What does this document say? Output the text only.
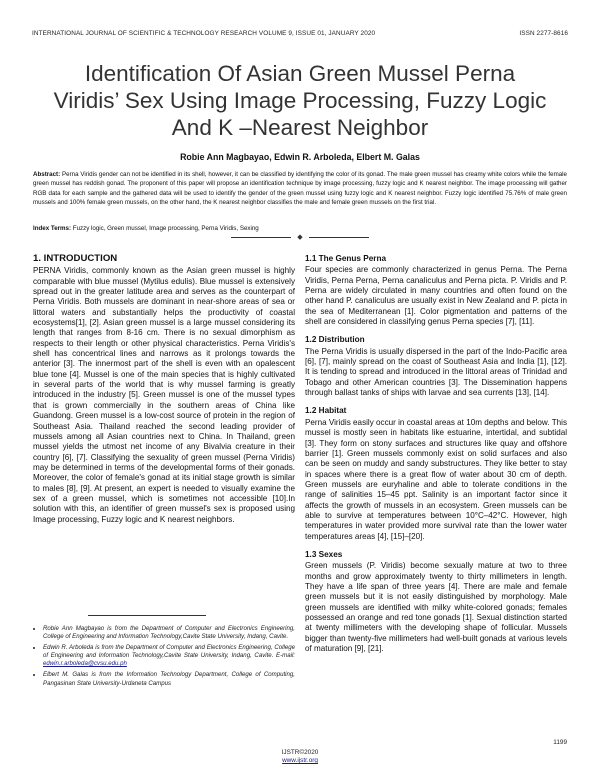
INTERNATIONAL JOURNAL OF SCIENTIFIC & TECHNOLOGY RESEARCH VOLUME 9, ISSUE 01, JANUARY 2020	ISSN 2277-8616
Identification Of Asian Green Mussel Perna
Viridis’ Sex Using Image Processing, Fuzzy Logic
And K –Nearest Neighbor
Robie Ann Magbayao, Edwin R. Arboleda, Elbert M. Galas
Abstract: Perna Viridis gender can not be identified in its shell, however, it can be classified by identifying the color of its gonad. The male green mussel has creamy white colors while the female green mussel has reddish gonad. The proponent of this paper will propose an identification technique by image processing, fuzzy logic and K nearest neighbor. The image processing will gather RGB data for each sample and the gathered data will be used to identify the gender of the green mussel using fuzzy logic and K nearest neighbor. Fuzzy logic identified 75.76% of male green mussels and 100% female green mussels, on the other hand, the K nearest neighbor classifies the male and female green mussels on the first trial.
Index Terms: Fuzzy logic, Green mussel, Image processing, Perna Viridis, Sexing
◆
1. INTRODUCTION

PERNA Viridis, commonly known as the Asian green mussel is highly comparable with blue mussel (Mytilus edulis). Blue mussel is extensively spread out in the greater latitude area and serves as the counterpart of Perna Viridis. Both mussels are dominant in near-shore areas of sea or littoral waters and substantially helps the productivity of coastal ecosystems[1], [2]. Asian green mussel is a large mussel considering its length that ranges from 8-16 cm. There is no sexual dimorphism as respects to their length or other physical characteristics. Perna Viridis's shell has concentrical lines and narrows as it prolongs towards the anterior [3]. The innermost part of the shell is even with an opalescent blue tone [4]. Mussel is one of the main species that is highly cultivated in several parts of the world that is why mussel farming is greatly introduced in the industry [5]. Green mussel is one of the mussel types that is grown commercially in the southern areas of China like Guandong. Green mussel is a low-cost source of protein in the region of Southeast Asia. Thailand reached the second leading provider of mussels among all Asian countries next to China. In Thailand, green mussel yields the utmost net income of any Bivalvia creature in their country [6], [7]. Classifying the sexuality of green mussel (Perna Viridis) may be determined in terms of the developmental forms of their gonads. Moreover, the color of female's gonad at its initial stage growth is similar to males [8], [9]. At present, an expert is needed to visually examine the sex of a green mussel, which is sometimes not accessible [10].In solution with this, an identifier of green mussel's sex is proposed using Image processing, Fuzzy logic and K nearest neighbors.

• Robie Ann Magbayao is from the Department of Computer and Electronics Engineering, College of Engineering and Information Technology,Cavite State University, Indang, Cavite.
• Edwin R. Arboleda is from the Department of Computer and Electronics Engineering, College of Engineering and Information Technology,Cavite State University, Indang, Cavite. E-mail: edwin.r.arboleda@cvsu.edu.ph
• Elbert M. Galas is from the Information Technology Department, College of Computing, Pangasinan State University-Urdaneta Campus
1.1 The Genus Perna

Four species are commonly characterized in genus Perna. The Perna Viridis, Perna Perna, Perna canaliculus and Perna picta. P. Viridis and P. Perna are widely circulated in many countries and often found on the other hand P. canaliculus are usually exist in New Zealand and P. picta in the sea of Mediterranean [1]. Color pigmentation and patterns of the shell are considered in classifying genus Perna species [7], [11].

1.2 Distribution

The Perna Viridis is usually dispersed in the part of the Indo-Pacific area [6], [7], mainly spread on the coast of Southeast Asia and India [1], [12]. It is tending to spread and introduced in the littoral areas of Trinidad and Tobago and other American countries [3]. The Dissemination happens through ballast tanks of ships with larvae and sea currents [13], [14].

1.2 Habitat

Perna Viridis easily occur in coastal areas at 10m depths and below. This mussel is mostly seen in habitats like estuarine, intertidal, and subtidal [3]. They form on stony surfaces and structures like quay and offshore barrier [1]. Green mussels commonly exist on solid surfaces and also can be seen on muddy and sandy substructures. They like better to stay in spaces where there is a great flow of water about 30 cm of depth. Green mussels are euryhaline and able to tolerate conditions in the range of salinities 15–45 ppt. Salinity is an important factor since it affects the growth of mussels in an ecosystem. Green mussels can be able to survive at temperatures between 10°C–42°C. However, high temperatures in water provided more survival rate than the lower water temperatures areas [4], [15]–[20].

1.3 Sexes

Green mussels (P. Viridis) become sexually mature at two to three months and grow approximately twenty to thirty millimeters in length. They have a life span of three years [4]. There are male and female green mussels but it is not easily distinguished by morphology. Male green mussels are identified with milky white-colored gonads; females possessed an orange and red tone gonads [1]. Sexual distinction started at twenty millimeters with the developing shape of follicular. Mussels bigger than twenty-five millimeters had well-built gonads at various levels of maturation [9], [21].

1199
IJSTR©2020
www.ijstr.org
